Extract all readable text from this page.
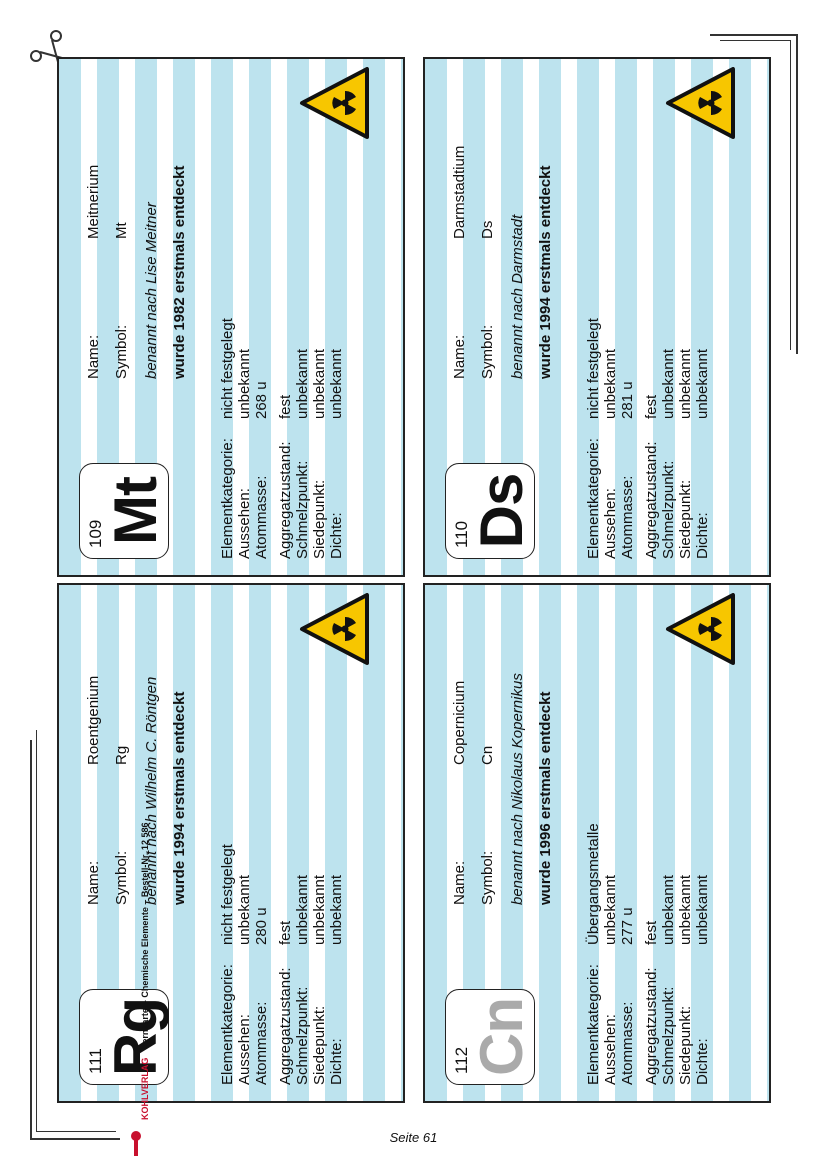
109
Mt
Name:
Meitnerium
Symbol:
Mt benannt nach Lise Meitner wurde 1982 erstmals entdeckt
Elementkategorie:
nicht festgelegt
Aussehen:
unbekannt
Atommasse:
268 u
Aggregatzustand:
fest
Schmelzpunkt:
unbekannt
Siedepunkt:
unbekannt
Dichte:
unbekannt
110
Ds
Name:
Darmstadtium
Symbol:
Ds benannt nach Darmstadt wurde 1994 erstmals entdeckt
Elementkategorie:
nicht festgelegt
Aussehen:
unbekannt
Atommasse:
281 u
Aggregatzustand:
fest
Schmelzpunkt:
unbekannt
Siedepunkt:
unbekannt
Dichte:
unbekannt
111
Rg
Name:
Roentgenium
Symbol:
Rg benannt nach Wilhelm C. Röntgen wurde 1994 erstmals entdeckt
Elementkategorie:
nicht festgelegt
Aussehen:
unbekannt
Atommasse:
280 u
Aggregatzustand:
fest
Schmelzpunkt:
unbekannt
Siedepunkt:
unbekannt
Dichte:
unbekannt
112
Cn
Name:
Copernicium
Symbol:
Cn benannt nach Nikolaus Kopernikus wurde 1996 erstmals entdeckt
Elementkategorie:
Übergangsmetalle
Aussehen:
unbekannt
Atommasse:
277 u
Aggregatzustand:
fest
Schmelzpunkt:
unbekannt
Siedepunkt:
unbekannt
Dichte:
unbekannt
KOHLVERLAG Lernkartei - Chemische Elemente – Bestell-Nr. 12 586
Seite 61
